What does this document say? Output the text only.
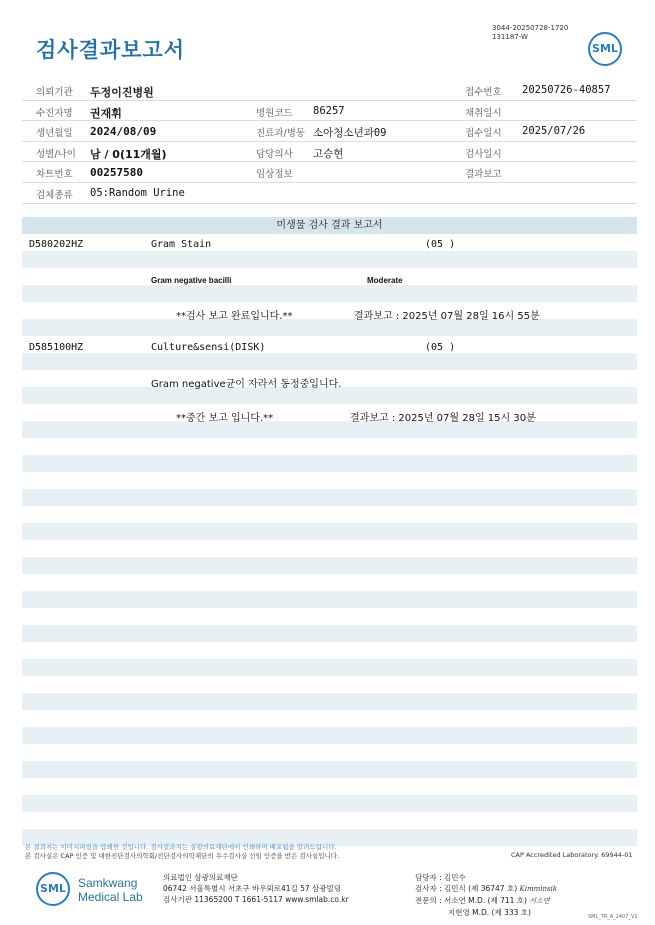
검사결과보고서
3044-20250728-1720
131187-W
SML
의뢰기관 두정이진병원	접수번호 20250726-40857
수진자명 권재휘	병원코드 86257	채취일시
생년월일 2024/08/09	진료과/병동 소아청소년과09	접수일시 2025/07/26
성별/나이 남 / 0(11개월)	담당의사 고승현	검사일시
차트번호 00257580	임상정보	결과보고
검체종류 05:Random Urine
미생물 검사 결과 보고서
D580202HZ	Gram Stain	(05 )
Gram negative bacilli	Moderate
**검사 보고 완료입니다.**	결과보고 : 2025년 07월 28일 16시 55분
D585100HZ	Culture&sensi(DISK)	(05 )
Gram negative균이 자라서 동정중입니다.
**중간 보고 입니다.**	결과보고 : 2025년 07월 28일 15시 30분
본 결과지는 이미지파일을 압쇄한 것입니다. 검사결과지는 삼광의료재단에서 인쇄하여 배포됨을 알려드립니다.
본 검사실은 CAP 인증 및 대한진단검사의학회/진단검사의학재단의 우수검사실 신임 인증을 받은 검사실입니다.	CAP Accredited Laboratory. 69944-01
SML	Samkwang
Medical Lab
의료법인 삼광의료재단
06742 서울특별시 서초구 바우뫼로41길 57 삼광빌딩
검사기관 11365200 T 1661-5117 www.smlab.co.kr
담당자 : 김민수
검사자 : 김민식 (제 36747 호) Kimminsik
전문의 : 서소연 M.D. (제 711 호) 서소연
지현영 M.D. (제 333 호)	SML_TR_A_2407_V1
